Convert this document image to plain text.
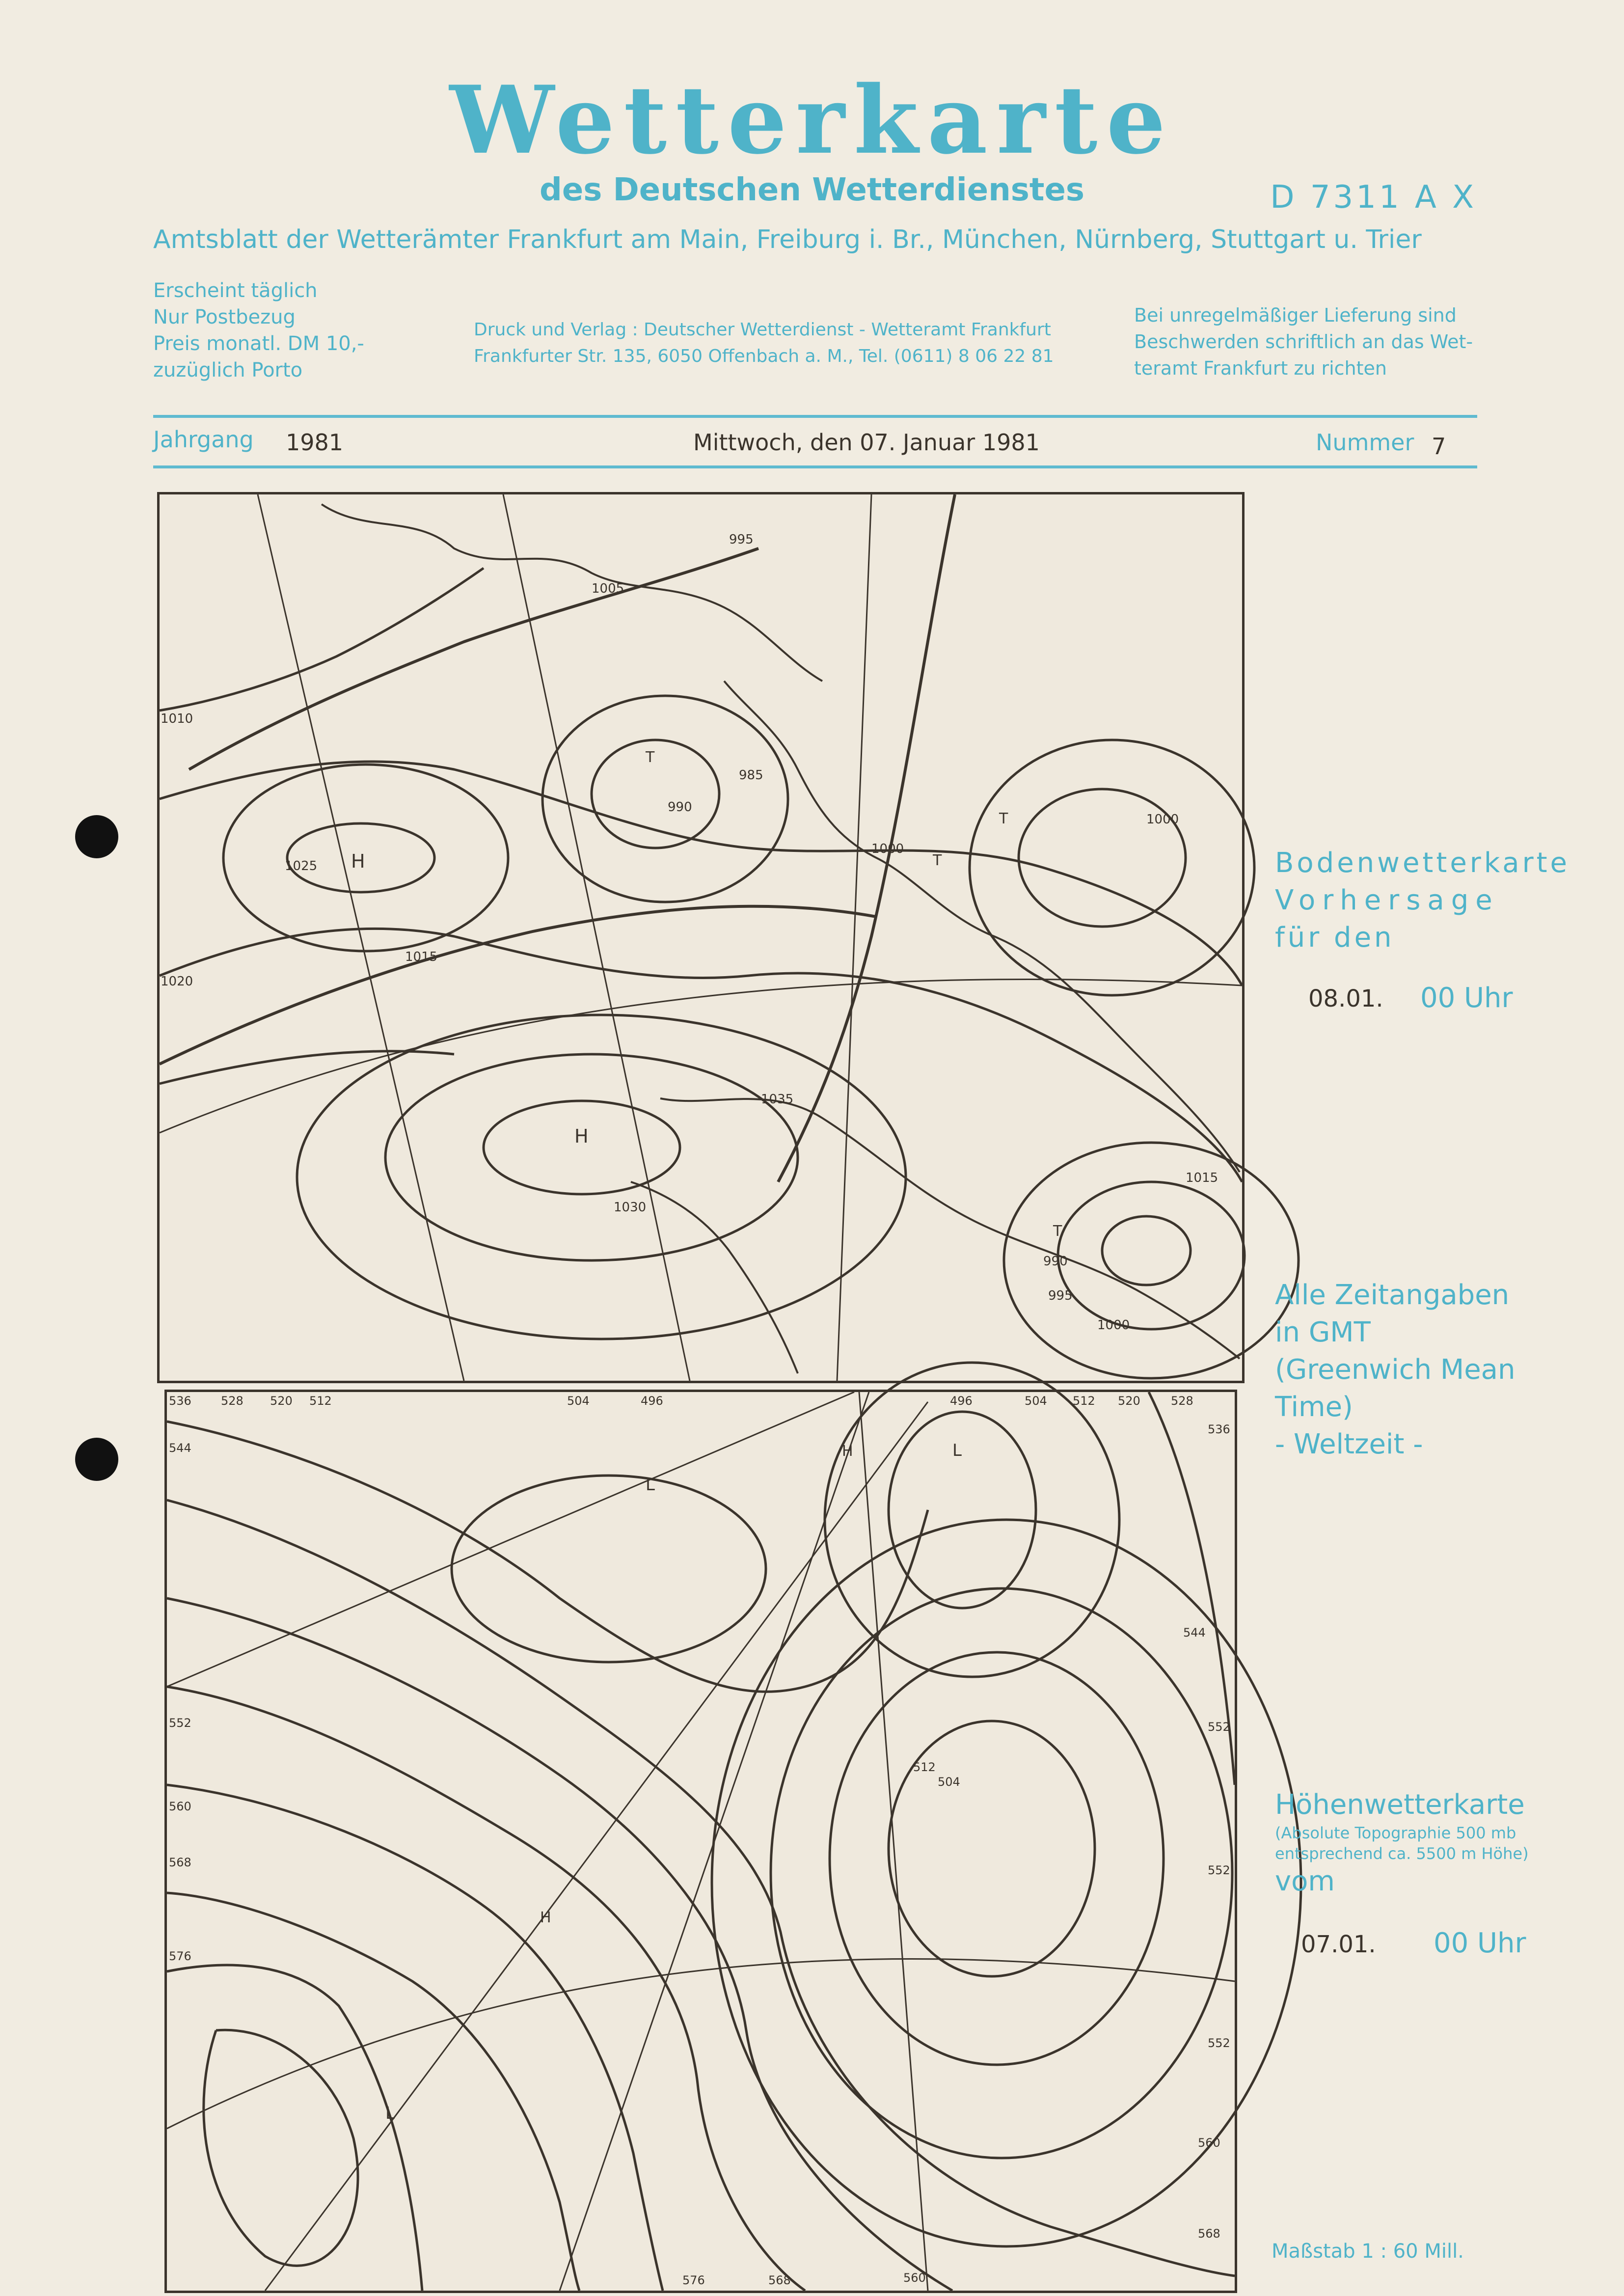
Wetterkarte
des Deutschen Wetterdienstes	D 7311 A X
Amtsblatt der Wetterämter Frankfurt am Main, Freiburg i. Br., München, Nürnberg, Stuttgart u. Trier
Erscheint täglich
Nur Postbezug
Preis monatl. DM 10,-
zuzüglich Porto
Druck und Verlag : Deutscher Wetterdienst - Wetteramt Frankfurt
Frankfurter Str. 135, 6050 Offenbach a. M., Tel. (0611) 8 06 22 81
Bei unregelmäßiger Lieferung sind
Beschwerden schriftlich an das Wet-
teramt Frankfurt zu richten
Jahrgang 1981	Mittwoch, den 07. Januar 1981	Nummer 7
H
H
T
T
T
T
1035
1030
1025
1020
1015
1010
1015
990
985
990
995
1000
1000
1000
1005
995
Bodenwetterkarte
Vorhersage
für den
08.01. 00 Uhr
Alle Zeitangaben
in GMT
(Greenwich Mean
Time)
- Weltzeit -
L
L
L
H
H
536	528 520 512	504	496	496	504 512 520	528
536
544
544
552	552
560
568
552
576
552
560
568
560
568
576
512
504
Höhenwetterkarte
(Absolute Topographie 500 mb
entsprechend ca. 5500 m Höhe)
vom
07.01. 00 Uhr
Maßstab 1 : 60 Mill.
